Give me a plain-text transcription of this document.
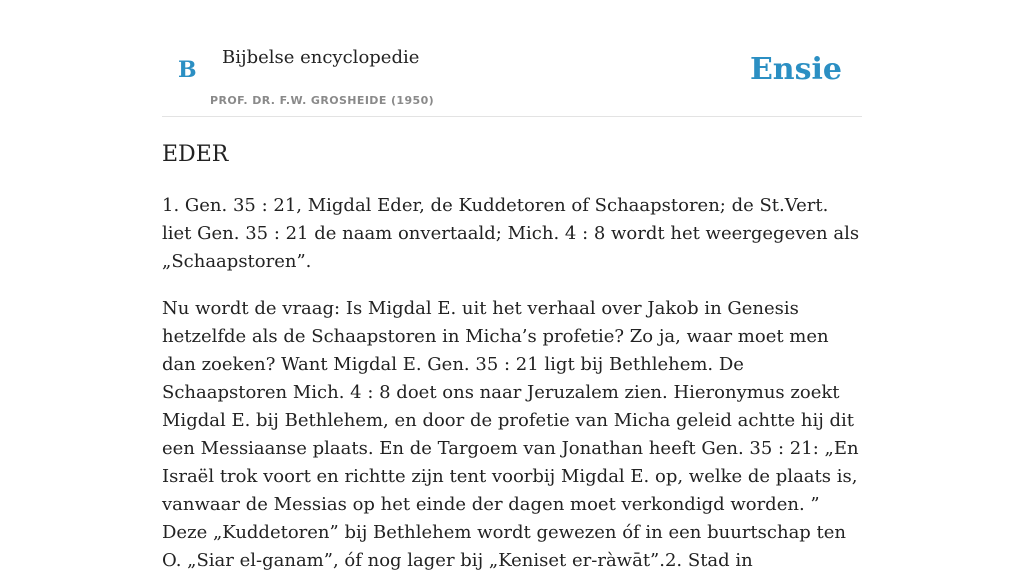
B Bijbelse encyclopedie
PROF. DR. F.W. GROSHEIDE (1950)
Ensie
EDER

1. Gen. 35 : 21, Migdal Eder, de Kuddetoren of Schaapstoren; de St.Vert. liet Gen. 35 : 21 de naam onvertaald; Mich. 4 : 8 wordt het weergegeven als „Schaapstoren”.

Nu wordt de vraag: Is Migdal E. uit het verhaal over Jakob in Genesis hetzelfde als de Schaapstoren in Micha’s profetie? Zo ja, waar moet men dan zoeken? Want Migdal E. Gen. 35 : 21 ligt bij Bethlehem. De Schaapstoren Mich. 4 : 8 doet ons naar Jeruzalem zien. Hieronymus zoekt Migdal E. bij Bethlehem, en door de profetie van Micha geleid achtte hij dit een Messiaanse plaats. En de Targoem van Jonathan heeft Gen. 35 : 21: „En Israël trok voort en richtte zijn tent voorbij Migdal E. op, welke de plaats is, vanwaar de Messias op het einde der dagen moet verkondigd worden. ” Deze „Kuddetoren” bij Bethlehem wordt gewezen óf in een buurtschap ten O. „Siar el-ganam”, óf nog lager bij „Keniset er-ràwāt”.2. Stad in
